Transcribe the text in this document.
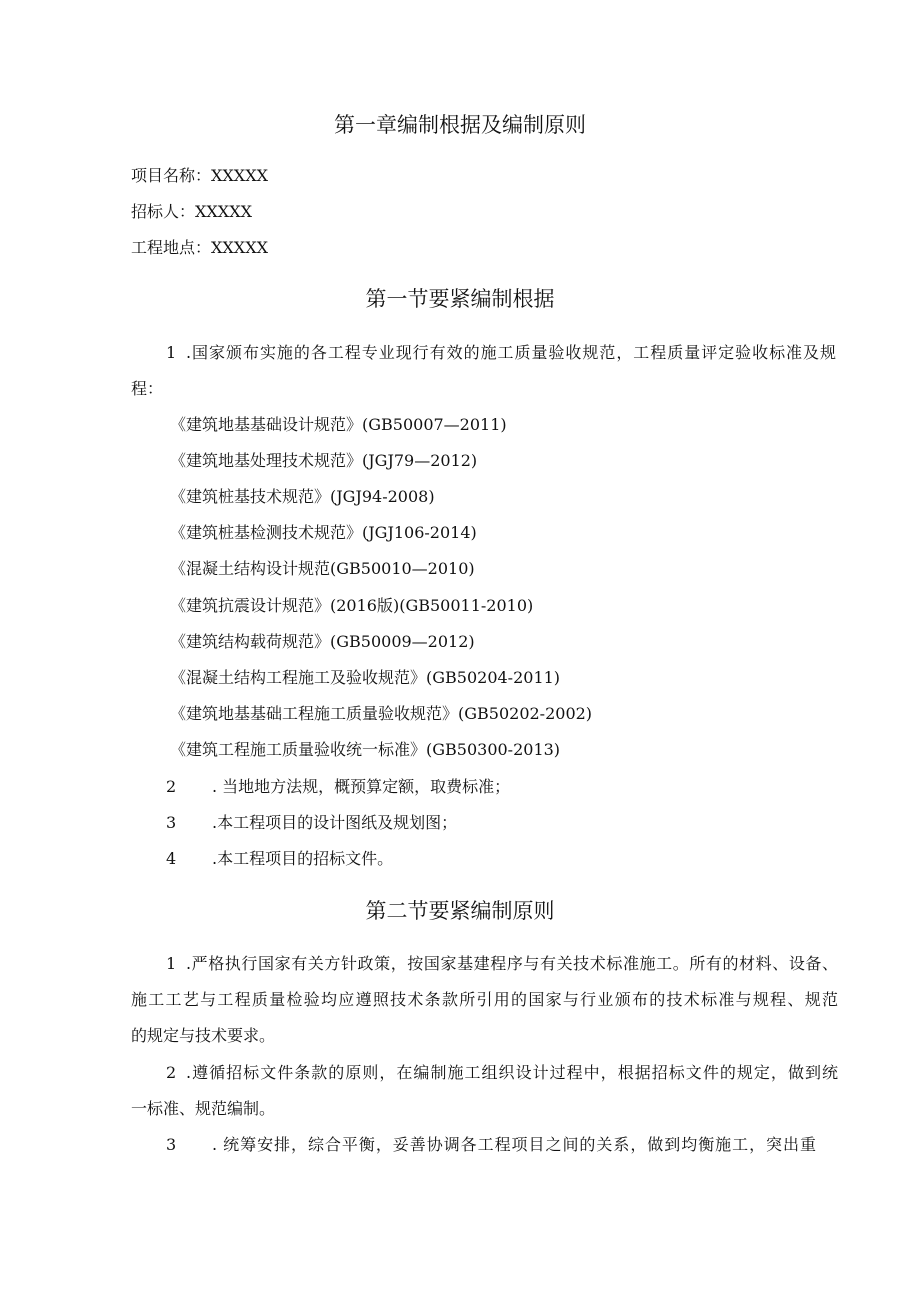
第一章编制根据及编制原则
项目名称：XXXXX
招标人：XXXXX
工程地点：XXXXX
第一节要紧编制根据
1 .国家颁布实施的各工程专业现行有效的施工质量验收规范，工程质量评定验收标准及规
程：
《建筑地基基础设计规范》(GB50007—2011)
《建筑地基处理技术规范》(JGJ79—2012)
《建筑桩基技术规范》(JGJ94-2008)
《建筑桩基检测技术规范》(JGJ106-2014)
《混凝土结构设计规范(GB50010—2010)
《建筑抗震设计规范》(2016版)(GB50011-2010)
《建筑结构载荷规范》(GB50009—2012)
《混凝土结构工程施工及验收规范》(GB50204-2011)
《建筑地基基础工程施工质量验收规范》(GB50202-2002)
《建筑工程施工质量验收统一标准》(GB50300-2013)
2 . 当地地方法规，概预算定额，取费标准；
3 .本工程项目的设计图纸及规划图；
4 .本工程项目的招标文件。
第二节要紧编制原则
1 .严格执行国家有关方针政策，按国家基建程序与有关技术标准施工。所有的材料、设备、
施工工艺与工程质量检验均应遵照技术条款所引用的国家与行业颁布的技术标准与规程、规范
的规定与技术要求。
2 .遵循招标文件条款的原则，在编制施工组织设计过程中，根据招标文件的规定，做到统
一标准、规范编制。
3 . 统筹安排，综合平衡，妥善协调各工程项目之间的关系，做到均衡施工，突出重
